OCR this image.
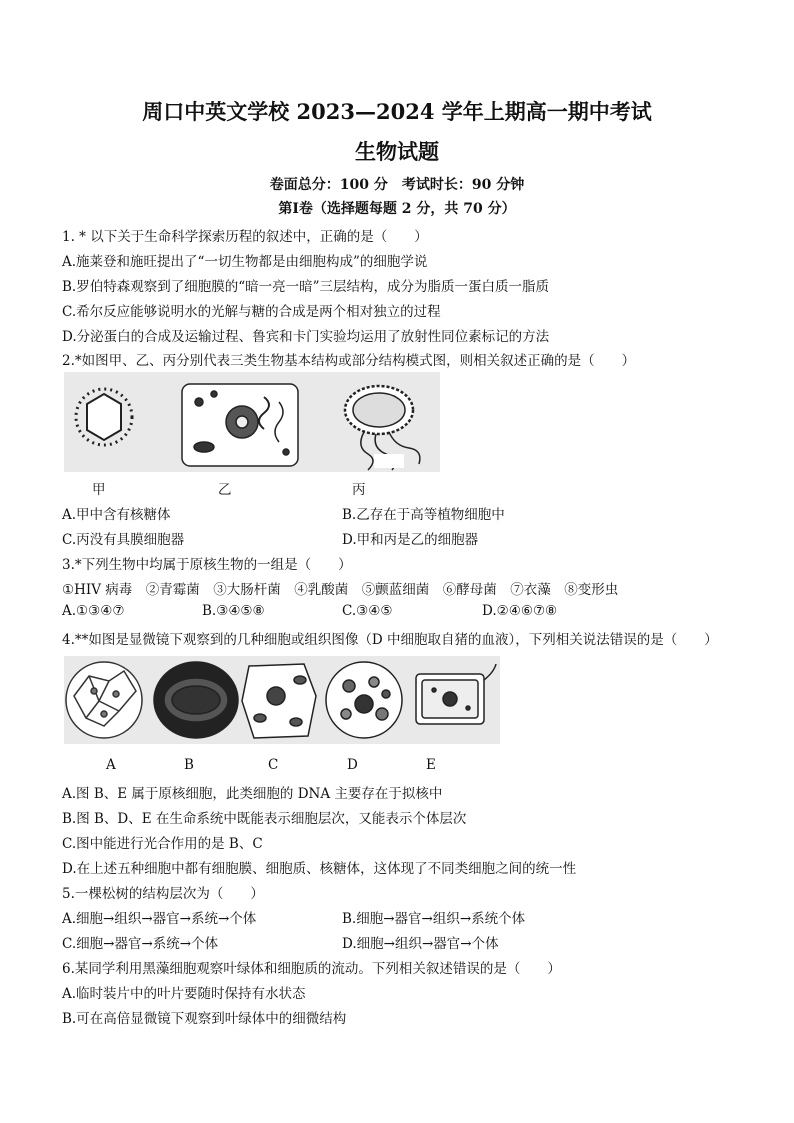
周口中英文学校 2023—2024 学年上期高一期中考试
生物试题
卷面总分：100 分　考试时长：90 分钟
第Ⅰ卷（选择题每题 2 分，共 70 分）
1. * 以下关于生命科学探索历程的叙述中，正确的是（　　）
A.施莱登和施旺提出了“一切生物都是由细胞构成”的细胞学说
B.罗伯特森观察到了细胞膜的“暗一亮一暗”三层结构，成分为脂质一蛋白质一脂质
C.希尔反应能够说明水的光解与糖的合成是两个相对独立的过程
D.分泌蛋白的合成及运输过程、鲁宾和卡门实验均运用了放射性同位素标记的方法
2.*如图甲、乙、丙分别代表三类生物基本结构或部分结构模式图，则相关叙述正确的是（　　）
甲	乙	丙
A.甲中含有核糖体	B.乙存在于高等植物细胞中
C.丙没有具膜细胞器	D.甲和丙是乙的细胞器
3.*下列生物中均属于原核生物的一组是（　　）
①HIV 病毒　②青霉菌　③大肠杆菌　④乳酸菌　⑤颤蓝细菌　⑥酵母菌　⑦衣藻　⑧变形虫
A.①③④⑦	B.③④⑤⑧	C.③④⑤	D.②④⑥⑦⑧
4.**如图是显微镜下观察到的几种细胞或组织图像（D 中细胞取自猪的血液），下列相关说法错误的是（　　）
A	B	C	D	E
A.图 B、E 属于原核细胞，此类细胞的 DNA 主要存在于拟核中
B.图 B、D、E 在生命系统中既能表示细胞层次，又能表示个体层次
C.图中能进行光合作用的是 B、C
D.在上述五种细胞中都有细胞膜、细胞质、核糖体，这体现了不同类细胞之间的统一性
5.一棵松树的结构层次为（　　）
A.细胞→组织→器官→系统→个体	B.细胞→器官→组织→系统个体
C.细胞→器官→系统→个体	D.细胞→组织→器官→个体
6.某同学利用黑藻细胞观察叶绿体和细胞质的流动。下列相关叙述错误的是（　　）
A.临时装片中的叶片要随时保持有水状态
B.可在高倍显微镜下观察到叶绿体中的细微结构
